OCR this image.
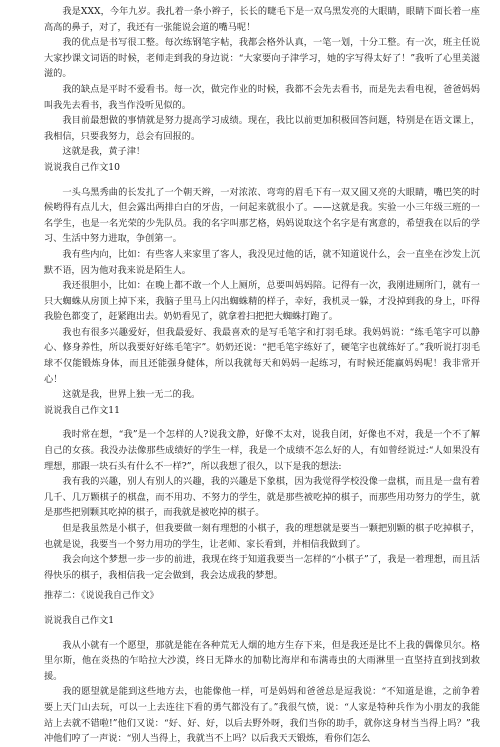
我是XXX，今年九岁。我扎着一条小辫子，长长的睫毛下是一双乌黑发亮的大眼睛，眼睛下面长着一座高高的鼻子，对了，我还有一张能说会道的嘴马呢！

我的优点是书写很工整。每次练钢笔字帖，我都会格外认真，一笔一划，十分工整。有一次，班主任说大家抄课文词语的时候，老师走到我的身边说：“大家要向子津学习，她的字写得太好了！”我听了心里美滋滋的。

我的缺点是平时不爱看书。每一次，做完作业的时候，我都不会先去看书，而是先去看电视，爸爸妈妈叫我先去看书，我当作没听见似的。

我目前最想做的事情就是努力提高学习成绩。现在，我比以前更加积极回答问题，特别是在语文课上，我相信，只要我努力，总会有回报的。

这就是我，黄子津！

说说我自己作文10

一头乌黑秀曲的长发扎了一个朝天辫，一对浓浓、弯弯的眉毛下有一双又圆又亮的大眼睛，嘴巴笑的时候哟得有点儿大，但会露出两排白白的牙齿，一问起来就很小了。——这就是我。实验一小三年级三班的一名学生，也是一名光荣的少先队员。我的名字叫那艺格，妈妈说取这个名字是有寓意的，希望我在以后的学习、生活中努力进取，争创第一。

我有些内向，比如：有些客人来家里了客人，我没见过他的话，就不知道说什么，会一直坐在沙发上沉默不语，因为他对我来说是陌生人。

我还很胆小，比如：在晚上都不敢一个人上厕所，总要叫妈妈陪。记得有一次，我刚进厕所门，就有一只大蜘蛛从房顶上掉下来，我脑子里马上闪出蜘蛛精的样子，幸好，我机灵一躲，才没掉到我的身上，吓得我脸色都变了，赶紧跑出去。奶奶看见了，就拿着扫把把大蜘蛛打跑了。

我也有很多兴趣爱好，但我最爱好、我最喜欢的是写毛笔字和打羽毛球。我妈妈说：“练毛笔字可以静心、修身养性，所以我要好好练毛笔字”。奶奶还说：“把毛笔字练好了，硬笔字也就练好了。”我听说打羽毛球不仅能锻炼身体，而且还能强身健体，所以我就每天和妈妈一起练习，有时候还能赢妈妈呢！我非常开心！

这就是我，世界上独一无二的我。

说说我自己作文11

我时常在想，“我”是一个怎样的人?说我文静，好像不太对，说我自闭，好像也不对，我是一个不了解自己的女孩。我没办法像那些成绩好的学生一样，我是一个成绩不怎么好的人，有如曾经说过:“人如果没有理想，那跟一块石头有什么不一样?”，所以我想了很久，以下是我的想法:

我有我的兴趣，别人有别人的兴趣，我的兴趣是下象棋，因为我觉得学校没像一盘棋，而且是一盘有着几千、几万颗棋子的棋盘，而不用功、不努力的学生，就是那些被吃掉的棋子，而那些用功努力的学生，就是那些把别颗其吃掉的棋子，而我就是被吃掉的棋子。

但是我虽然是小棋子，但我要做一刻有理想的小棋子，我的理想就是要当一颗把别颗的棋子吃掉棋子，也就是说，我要当一个努力用功的学生，让老师、家长看到，并相信我做到了。

我会向这个梦想一步一步的前进，我现在终于知道我要当一怎样的“小棋子”了，我是一着理想，而且活得快乐的棋子，我相信我一定会做到，我会达成我的梦想。

推荐二：《说说我自己作文》

说说我自己作文1

我从小就有一个愿望，那就是能在各种荒无人烟的地方生存下来，但是我还是比不上我的偶像贝尔。格里尔斯，他在炎热的乍哈拉大沙漠，终日无降水的加勒比海岸和布满毒虫的大雨淋里一直坚持直到找到救援。

我的愿望就是能到这些地方去，也能像他一样，可是妈妈和爸爸总是逗我说：“不知道是谁，之前争着要上天门山去玩，可以一上去连往下看的勇气都没有了。”我很气愤，说：“人家是特种兵作为小朋友的我能站上去就不错啦!”他们又说：“好、好、好，以后去野外呀，我们当你的助手，就你这身材当当得上吗？”我冲他们哼了一声说：“别人当得上，我就当不上吗？以后我天天锻炼，看你们怎么
